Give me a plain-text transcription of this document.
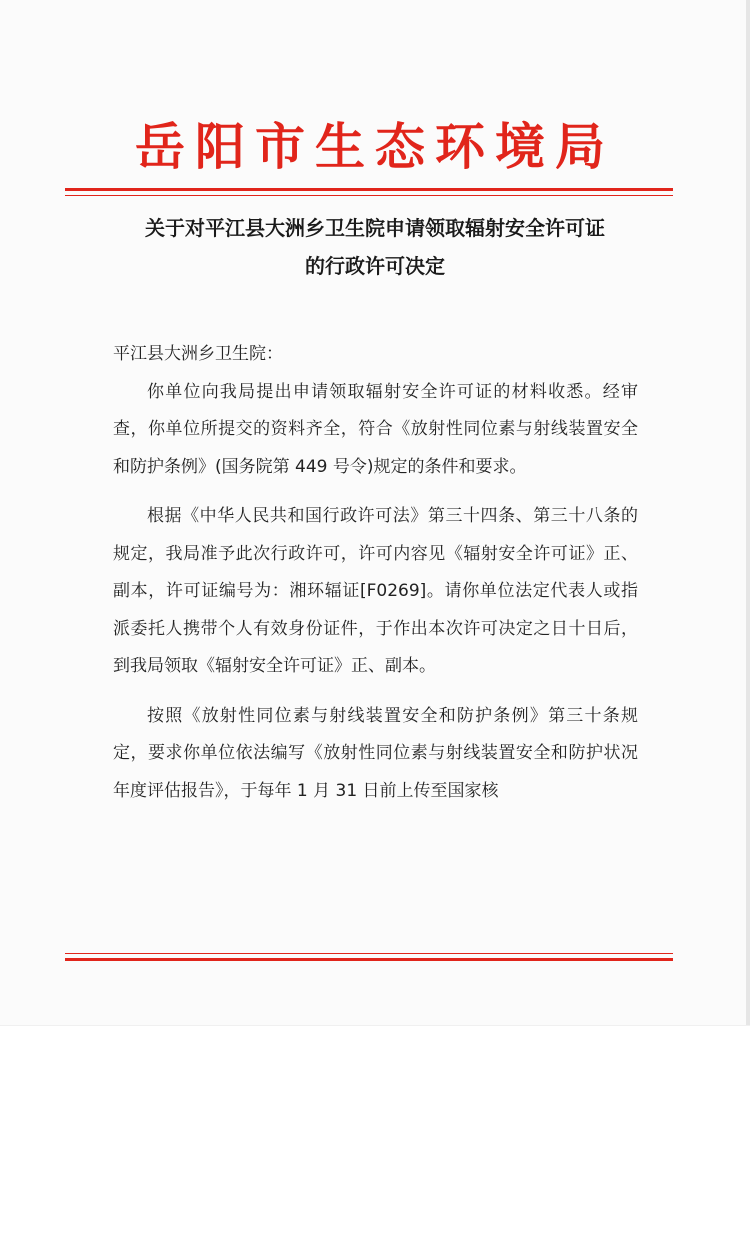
岳阳市生态环境局
关于对平江县大洲乡卫生院申请领取辐射安全许可证
的行政许可决定

平江县大洲乡卫生院：

你单位向我局提出申请领取辐射安全许可证的材料收悉。经审查，你单位所提交的资料齐全，符合《放射性同位素与射线装置安全和防护条例》(国务院第 449 号令)规定的条件和要求。

根据《中华人民共和国行政许可法》第三十四条、第三十八条的规定，我局准予此次行政许可，许可内容见《辐射安全许可证》正、副本，许可证编号为：湘环辐证[F0269]。请你单位法定代表人或指派委托人携带个人有效身份证件，于作出本次许可决定之日十日后，到我局领取《辐射安全许可证》正、副本。

按照《放射性同位素与射线装置安全和防护条例》第三十条规定，要求你单位依法编写《放射性同位素与射线装置安全和防护状况年度评估报告》，于每年 1 月 31 日前上传至国家核
